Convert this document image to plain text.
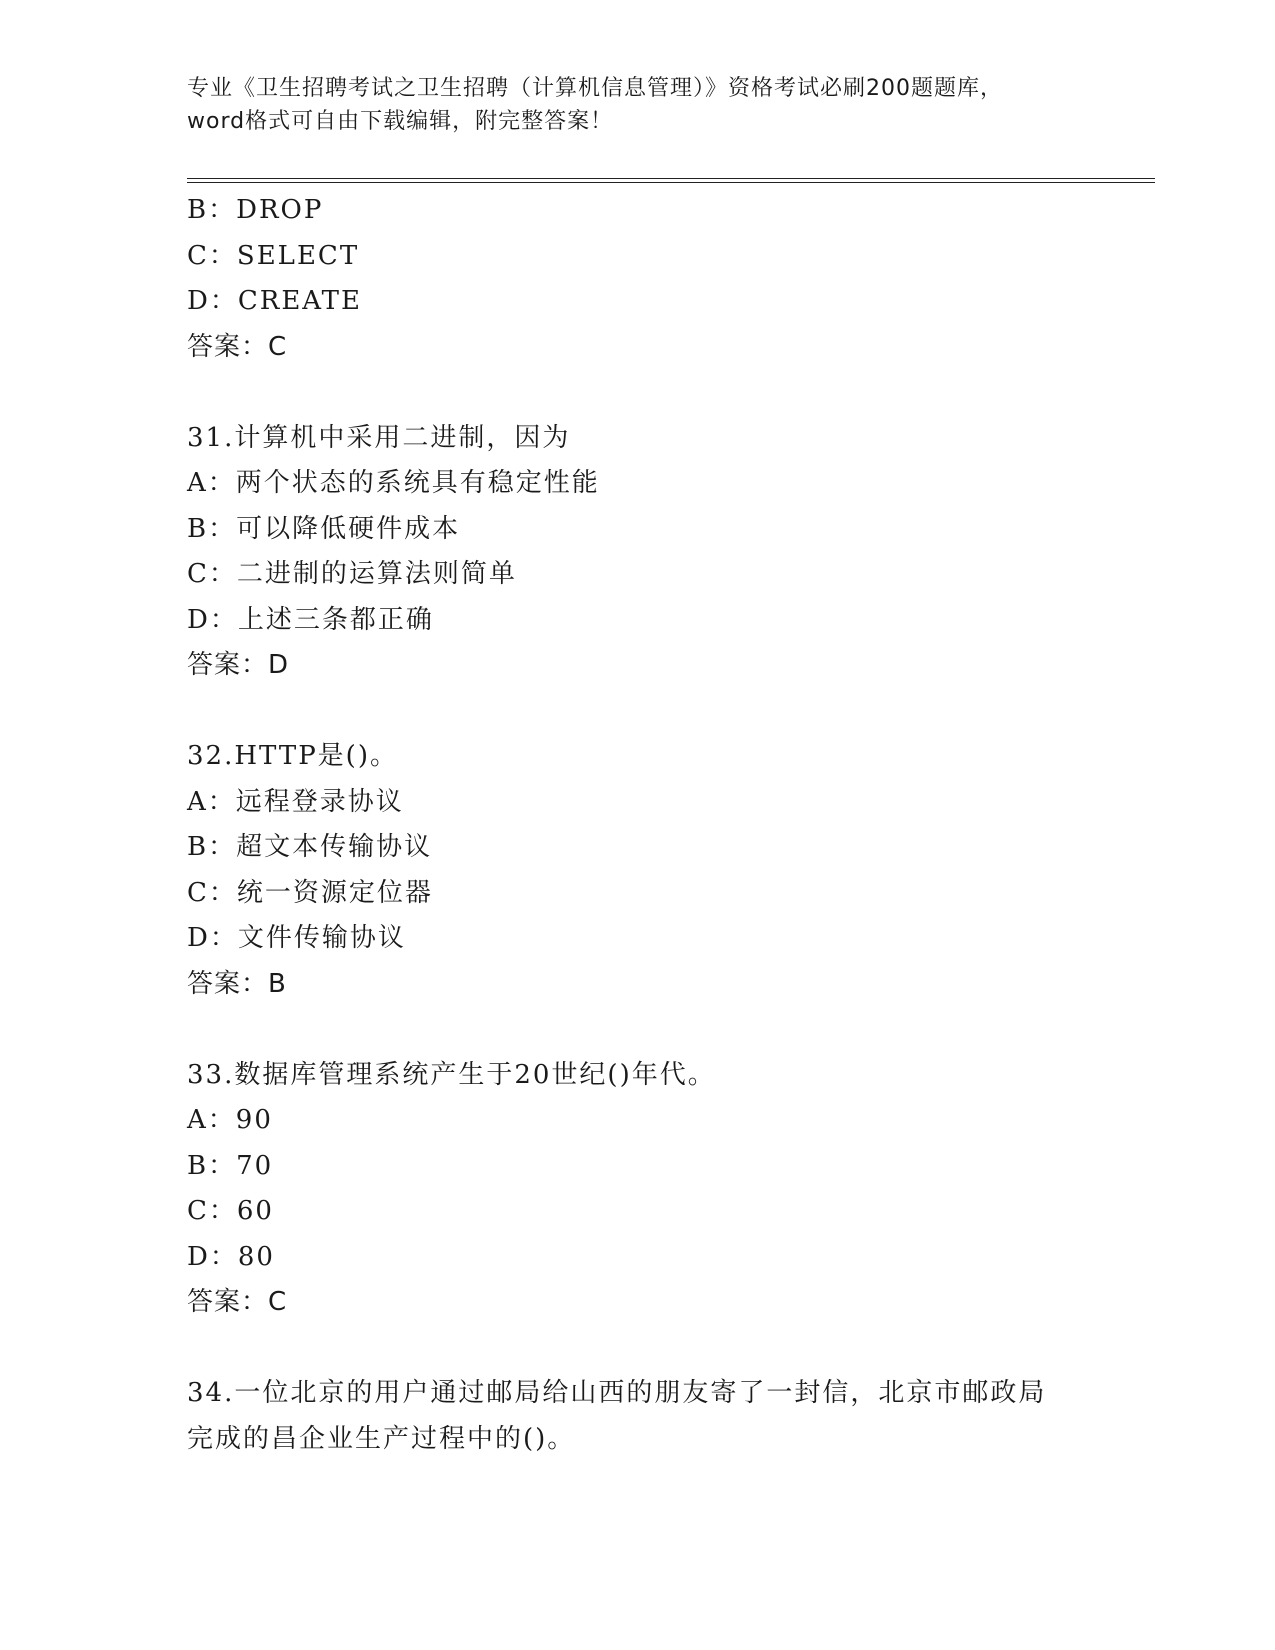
专业《卫生招聘考试之卫生招聘（计算机信息管理）》资格考试必刷200题题库，
word格式可自由下载编辑，附完整答案！
B：DROP
C：SELECT
D：CREATE
答案：C
31.计算机中采用二进制，因为
A：两个状态的系统具有稳定性能
B：可以降低硬件成本
C：二进制的运算法则简单
D：上述三条都正确
答案：D
32.HTTP是()。
A：远程登录协议
B：超文本传输协议
C：统一资源定位器
D：文件传输协议
答案：B
33.数据库管理系统产生于20世纪()年代。
A：90
B：70
C：60
D：80
答案：C
34.一位北京的用户通过邮局给山西的朋友寄了一封信，北京市邮政局
完成的昌企业生产过程中的()。
